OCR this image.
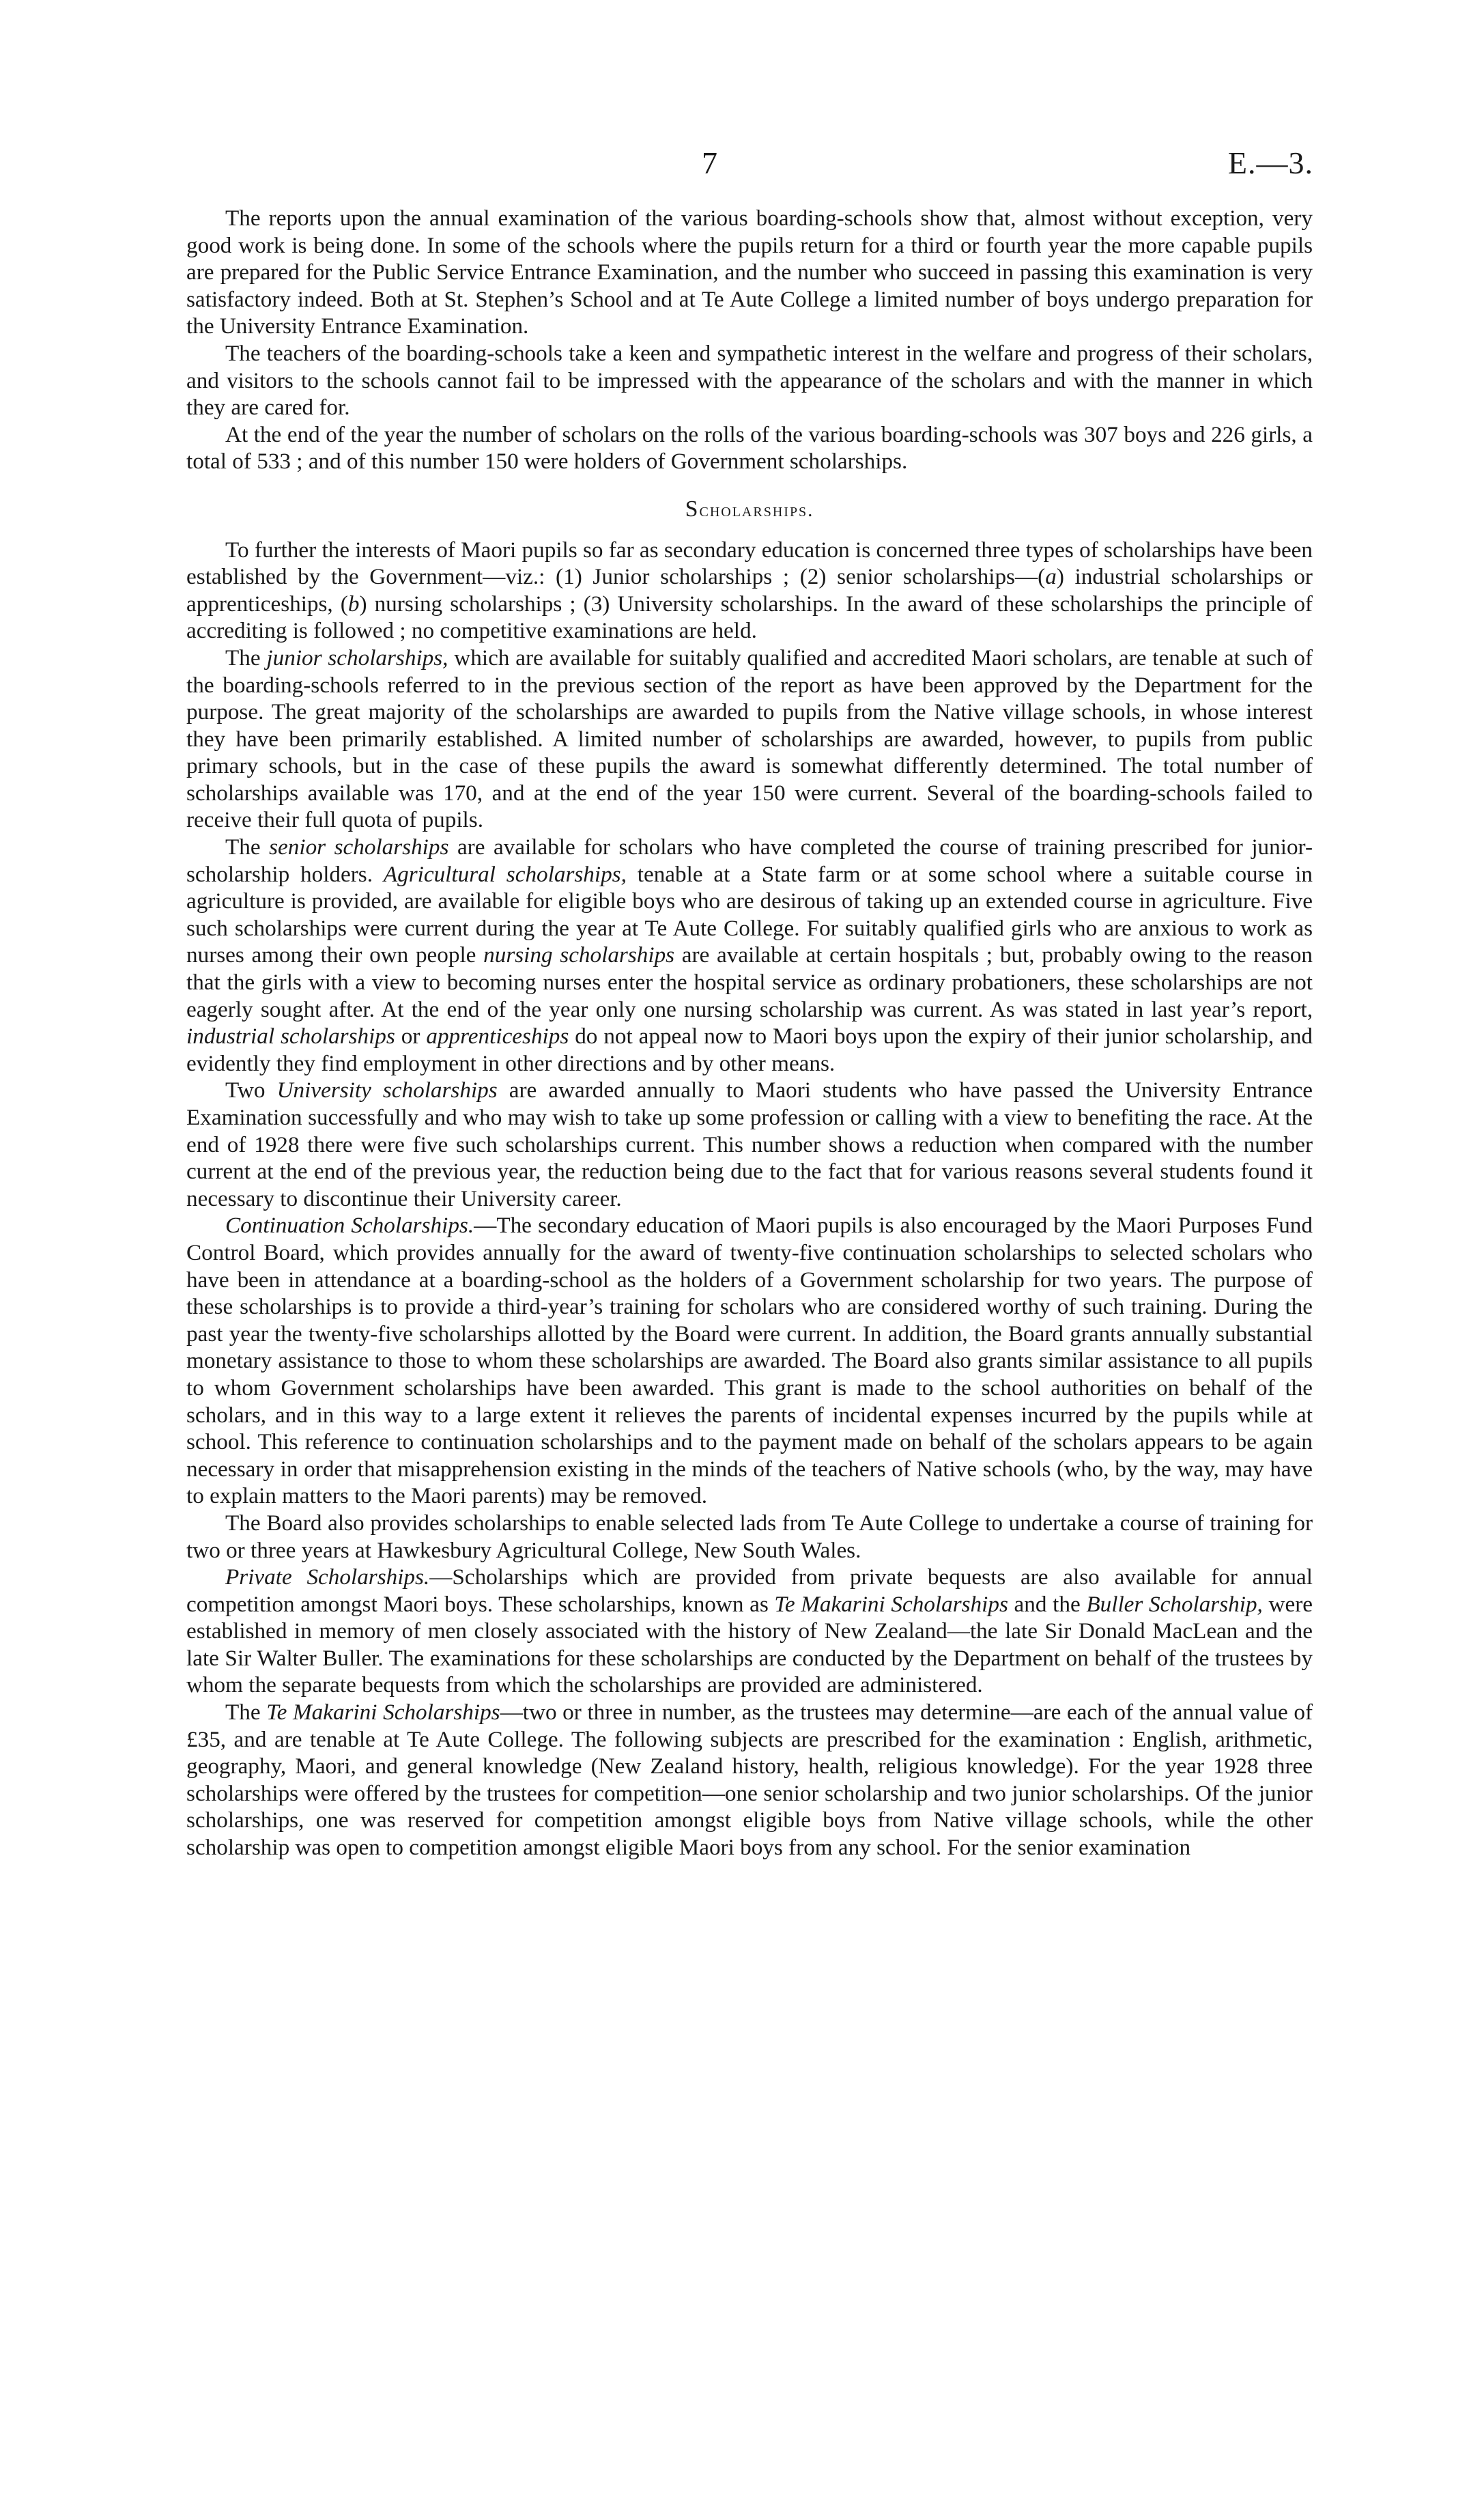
7	E.—3.

The reports upon the annual examination of the various boarding-schools show that, almost without exception, very good work is being done. In some of the schools where the pupils return for a third or fourth year the more capable pupils are prepared for the Public Service Entrance Examination, and the number who succeed in passing this examination is very satisfactory indeed. Both at St. Stephen’s School and at Te Aute College a limited number of boys undergo preparation for the University Entrance Examination.

The teachers of the boarding-schools take a keen and sympathetic interest in the welfare and progress of their scholars, and visitors to the schools cannot fail to be impressed with the appearance of the scholars and with the manner in which they are cared for.

At the end of the year the number of scholars on the rolls of the various boarding-schools was 307 boys and 226 girls, a total of 533 ; and of this number 150 were holders of Government scholarships.

Scholarships.

To further the interests of Maori pupils so far as secondary education is concerned three types of scholarships have been established by the Government—viz.: (1) Junior scholarships ; (2) senior scholarships—(a) industrial scholarships or apprenticeships, (b) nursing scholarships ; (3) University scholarships. In the award of these scholarships the principle of accrediting is followed ; no competitive examinations are held.

The junior scholarships, which are available for suitably qualified and accredited Maori scholars, are tenable at such of the boarding-schools referred to in the previous section of the report as have been approved by the Department for the purpose. The great majority of the scholarships are awarded to pupils from the Native village schools, in whose interest they have been primarily established. A limited number of scholarships are awarded, however, to pupils from public primary schools, but in the case of these pupils the award is somewhat differently determined. The total number of scholarships available was 170, and at the end of the year 150 were current. Several of the boarding-schools failed to receive their full quota of pupils.

The senior scholarships are available for scholars who have completed the course of training prescribed for junior-scholarship holders. Agricultural scholarships, tenable at a State farm or at some school where a suitable course in agriculture is provided, are available for eligible boys who are desirous of taking up an extended course in agriculture. Five such scholarships were current during the year at Te Aute College. For suitably qualified girls who are anxious to work as nurses among their own people nursing scholarships are available at certain hospitals ; but, probably owing to the reason that the girls with a view to becoming nurses enter the hospital service as ordinary probationers, these scholarships are not eagerly sought after. At the end of the year only one nursing scholarship was current. As was stated in last year’s report, industrial scholarships or apprenticeships do not appeal now to Maori boys upon the expiry of their junior scholarship, and evidently they find employment in other directions and by other means.

Two University scholarships are awarded annually to Maori students who have passed the University Entrance Examination successfully and who may wish to take up some profession or calling with a view to benefiting the race. At the end of 1928 there were five such scholarships current. This number shows a reduction when compared with the number current at the end of the previous year, the reduction being due to the fact that for various reasons several students found it necessary to discontinue their University career.

Continuation Scholarships.—The secondary education of Maori pupils is also encouraged by the Maori Purposes Fund Control Board, which provides annually for the award of twenty-five continuation scholarships to selected scholars who have been in attendance at a boarding-school as the holders of a Government scholarship for two years. The purpose of these scholarships is to provide a third-year’s training for scholars who are considered worthy of such training. During the past year the twenty-five scholarships allotted by the Board were current. In addition, the Board grants annually substantial monetary assistance to those to whom these scholarships are awarded. The Board also grants similar assistance to all pupils to whom Government scholarships have been awarded. This grant is made to the school authorities on behalf of the scholars, and in this way to a large extent it relieves the parents of incidental expenses incurred by the pupils while at school. This reference to continuation scholarships and to the payment made on behalf of the scholars appears to be again necessary in order that misapprehension existing in the minds of the teachers of Native schools (who, by the way, may have to explain matters to the Maori parents) may be removed.

The Board also provides scholarships to enable selected lads from Te Aute College to undertake a course of training for two or three years at Hawkesbury Agricultural College, New South Wales.

Private Scholarships.—Scholarships which are provided from private bequests are also available for annual competition amongst Maori boys. These scholarships, known as Te Makarini Scholarships and the Buller Scholarship, were established in memory of men closely associated with the history of New Zealand—the late Sir Donald MacLean and the late Sir Walter Buller. The examinations for these scholarships are conducted by the Department on behalf of the trustees by whom the separate bequests from which the scholarships are provided are administered.

The Te Makarini Scholarships—two or three in number, as the trustees may determine—are each of the annual value of £35, and are tenable at Te Aute College. The following subjects are prescribed for the examination : English, arithmetic, geography, Maori, and general knowledge (New Zealand history, health, religious knowledge). For the year 1928 three scholarships were offered by the trustees for competition—one senior scholarship and two junior scholarships. Of the junior scholarships, one was reserved for competition amongst eligible boys from Native village schools, while the other scholarship was open to competition amongst eligible Maori boys from any school. For the senior examination
